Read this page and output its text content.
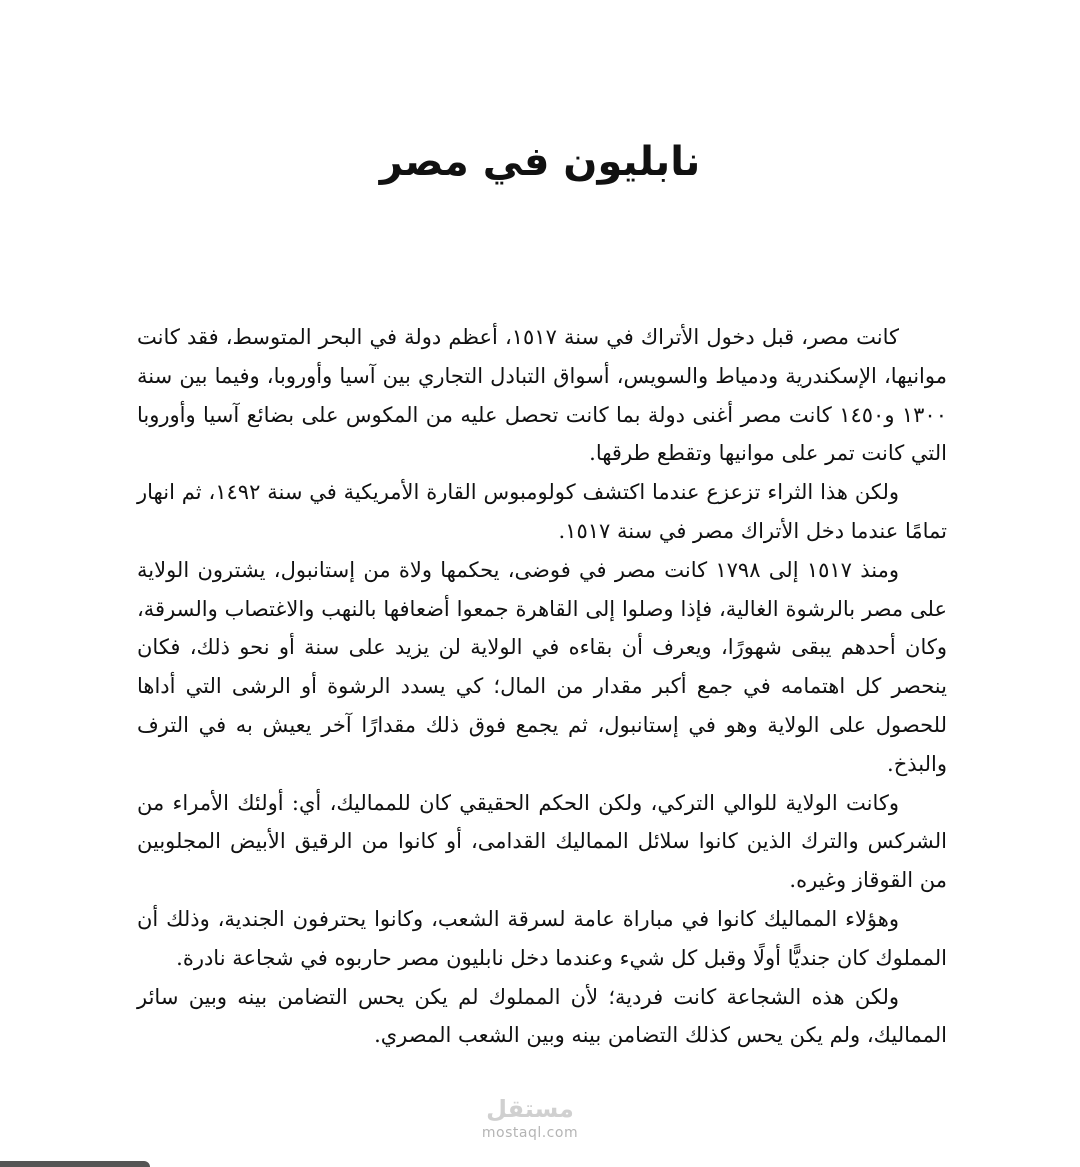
نابليون في مصر

كانت مصر، قبل دخول الأتراك في سنة ١٥١٧، أعظم دولة في البحر المتوسط، فقد كانت موانيها، الإسكندرية ودمياط والسويس، أسواق التبادل التجاري بين آسيا وأوروبا، وفيما بين سنة ١٣٠٠ و١٤٥٠ كانت مصر أغنى دولة بما كانت تحصل عليه من المكوس على بضائع آسيا وأوروبا التي كانت تمر على موانيها وتقطع طرقها.

ولكن هذا الثراء تزعزع عندما اكتشف كولومبوس القارة الأمريكية في سنة ١٤٩٢، ثم انهار تمامًا عندما دخل الأتراك مصر في سنة ١٥١٧.

ومنذ ١٥١٧ إلى ١٧٩٨ كانت مصر في فوضى، يحكمها ولاة من إستانبول، يشترون الولاية على مصر بالرشوة الغالية، فإذا وصلوا إلى القاهرة جمعوا أضعافها بالنهب والاغتصاب والسرقة، وكان أحدهم يبقى شهورًا، ويعرف أن بقاءه في الولاية لن يزيد على سنة أو نحو ذلك، فكان ينحصر كل اهتمامه في جمع أكبر مقدار من المال؛ كي يسدد الرشوة أو الرشى التي أداها للحصول على الولاية وهو في إستانبول، ثم يجمع فوق ذلك مقدارًا آخر يعيش به في الترف والبذخ.

وكانت الولاية للوالي التركي، ولكن الحكم الحقيقي كان للمماليك، أي: أولئك الأمراء من الشركس والترك الذين كانوا سلائل المماليك القدامى، أو كانوا من الرقيق الأبيض المجلوبين من القوقاز وغيره.

وهؤلاء المماليك كانوا في مباراة عامة لسرقة الشعب، وكانوا يحترفون الجندية، وذلك أن المملوك كان جنديًّا أولًا وقبل كل شيء وعندما دخل نابليون مصر حاربوه في شجاعة نادرة.

ولكن هذه الشجاعة كانت فردية؛ لأن المملوك لم يكن يحس التضامن بينه وبين سائر المماليك، ولم يكن يحس كذلك التضامن بينه وبين الشعب المصري.

مستقل
mostaql.com
